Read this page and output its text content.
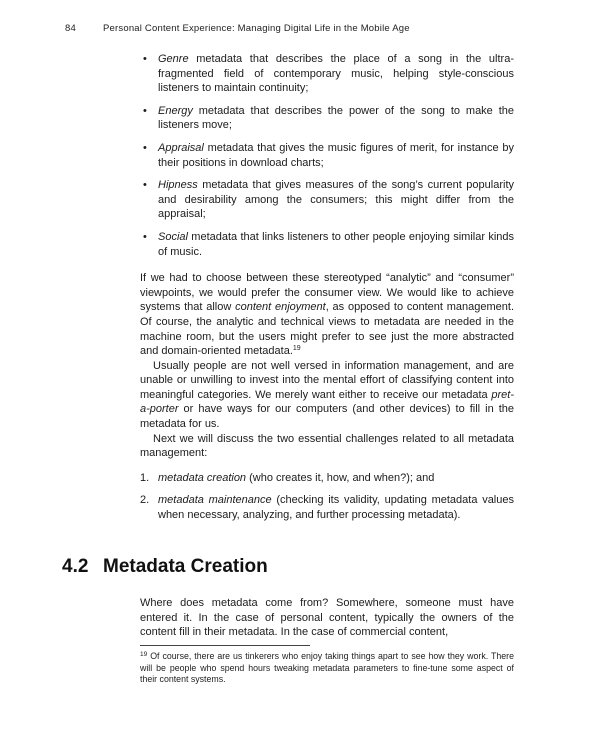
84	Personal Content Experience: Managing Digital Life in the Mobile Age
• Genre metadata that describes the place of a song in the ultra-fragmented field of contemporary music, helping style-conscious listeners to maintain continuity;
• Energy metadata that describes the power of the song to make the listeners move;
• Appraisal metadata that gives the music figures of merit, for instance by their positions in download charts;
• Hipness metadata that gives measures of the song’s current popularity and desirability among the consumers; this might differ from the appraisal;
• Social metadata that links listeners to other people enjoying similar kinds of music.

If we had to choose between these stereotyped “analytic” and “consumer” viewpoints, we would prefer the consumer view. We would like to achieve systems that allow content enjoyment, as opposed to content management. Of course, the analytic and technical views to metadata are needed in the machine room, but the users might prefer to see just the more abstracted and domain-oriented metadata.$^{19}$

Usually people are not well versed in information management, and are unable or unwilling to invest into the mental effort of classifying content into meaningful categories. We merely want either to receive our metadata pret-a-porter or have ways for our computers (and other devices) to fill in the metadata for us.

Next we will discuss the two essential challenges related to all metadata management:

1. metadata creation (who creates it, how, and when?); and
2. metadata maintenance (checking its validity, updating metadata values when necessary, analyzing, and further processing metadata).
4.2 Metadata Creation

Where does metadata come from? Somewhere, someone must have entered it. In the case of personal content, typically the owners of the content fill in their metadata. In the case of commercial content,

$^{19}$ Of course, there are us tinkerers who enjoy taking things apart to see how they work. There will be people who spend hours tweaking metadata parameters to fine-tune some aspect of their content systems.
